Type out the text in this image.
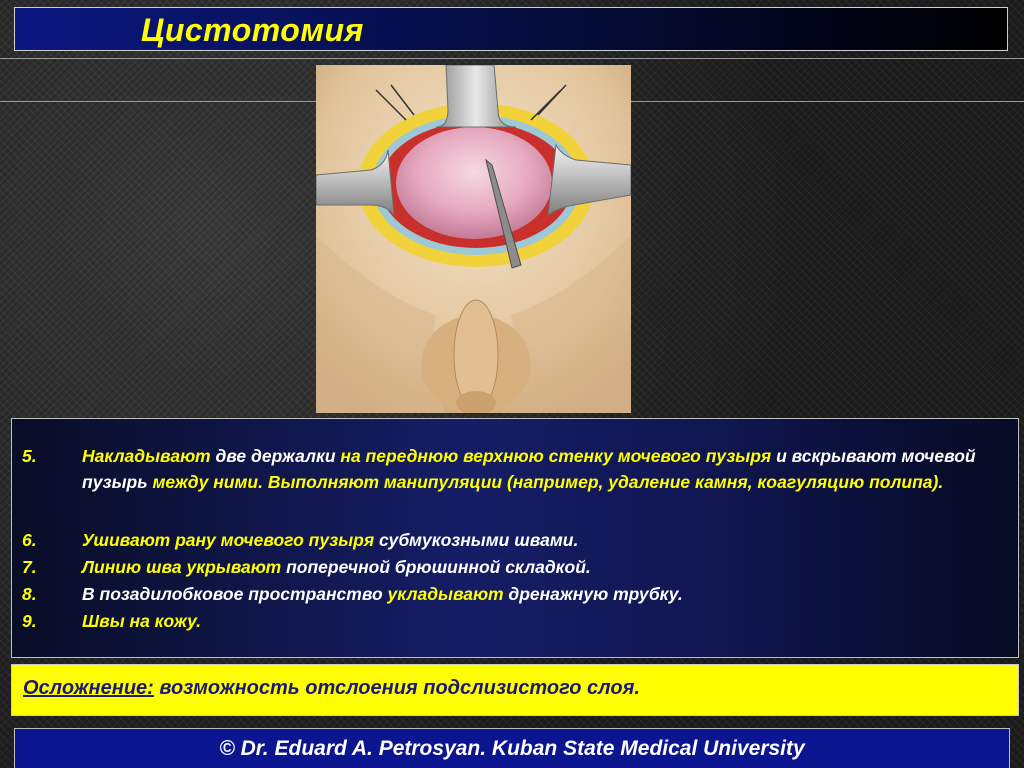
Цистотомия
5.	Накладывают две держалки на переднюю верхнюю стенку мочевого пузыря и вскрывают мочевой пузырь между ними. Выполняют манипуляции (например, удаление камня, коагуляцию полипа).
6.	Ушивают рану мочевого пузыря субмукозными швами.
7.	Линию шва укрывают поперечной брюшинной складкой.
8.	В позадилобковое пространство укладывают дренажную трубку.
9.	Швы на кожу.
Осложнение: возможность отслоения подслизистого слоя.
© Dr. Eduard A. Petrosyan. Kuban State Medical University
